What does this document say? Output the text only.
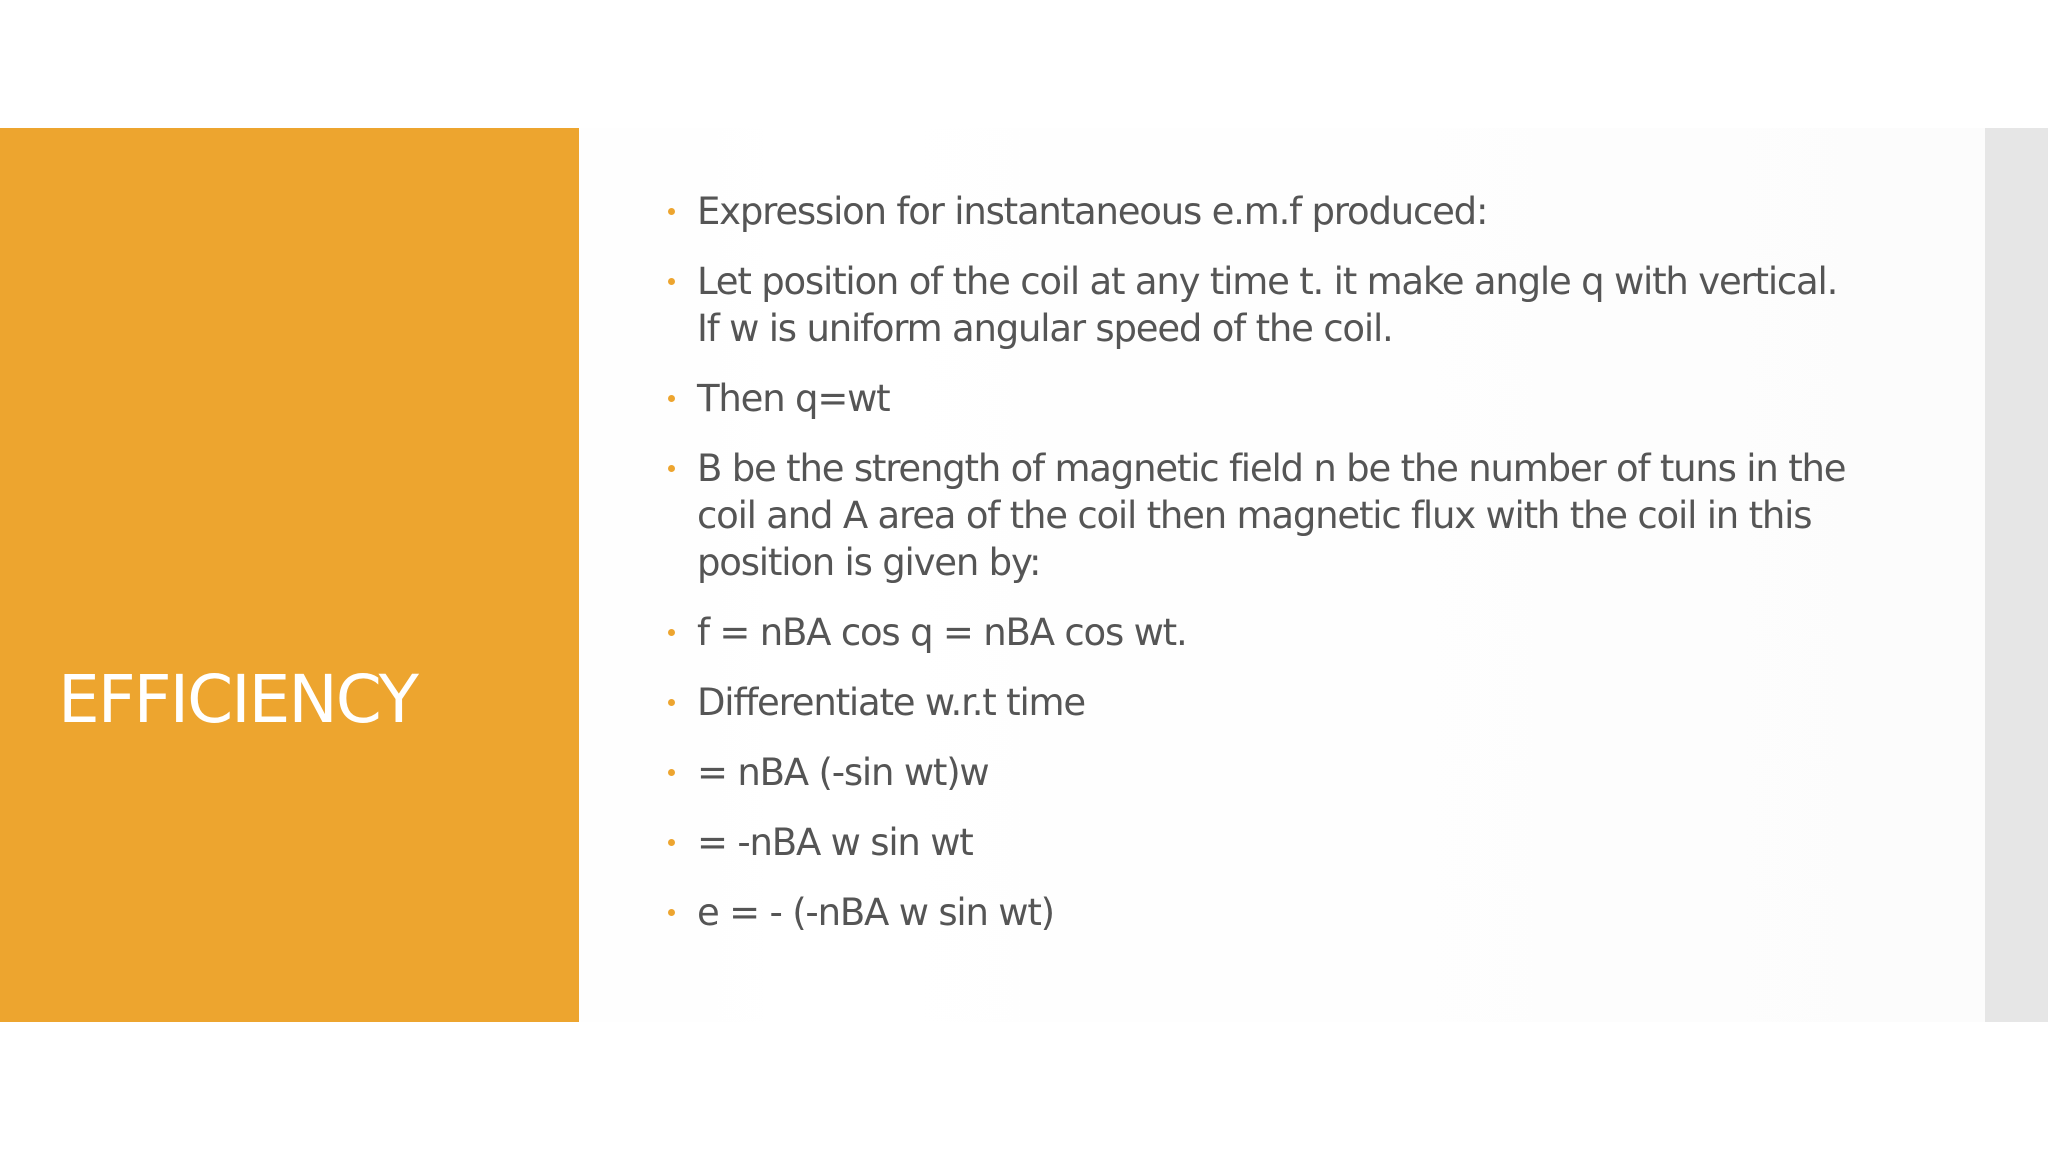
EFFICIENCY
Expression for instantaneous e.m.f produced:
Let position of the coil at any time t. it make angle q with vertical. If w is uniform angular speed of the coil.
Then q=wt
B be the strength of magnetic field n be the number of tuns in the coil and A area of the coil then magnetic flux with the coil in this position is given by:
f = nBA cos q = nBA cos wt.
Differentiate w.r.t time
= nBA (-sin wt)w
= -nBA w sin wt
e = - (-nBA w sin wt)
